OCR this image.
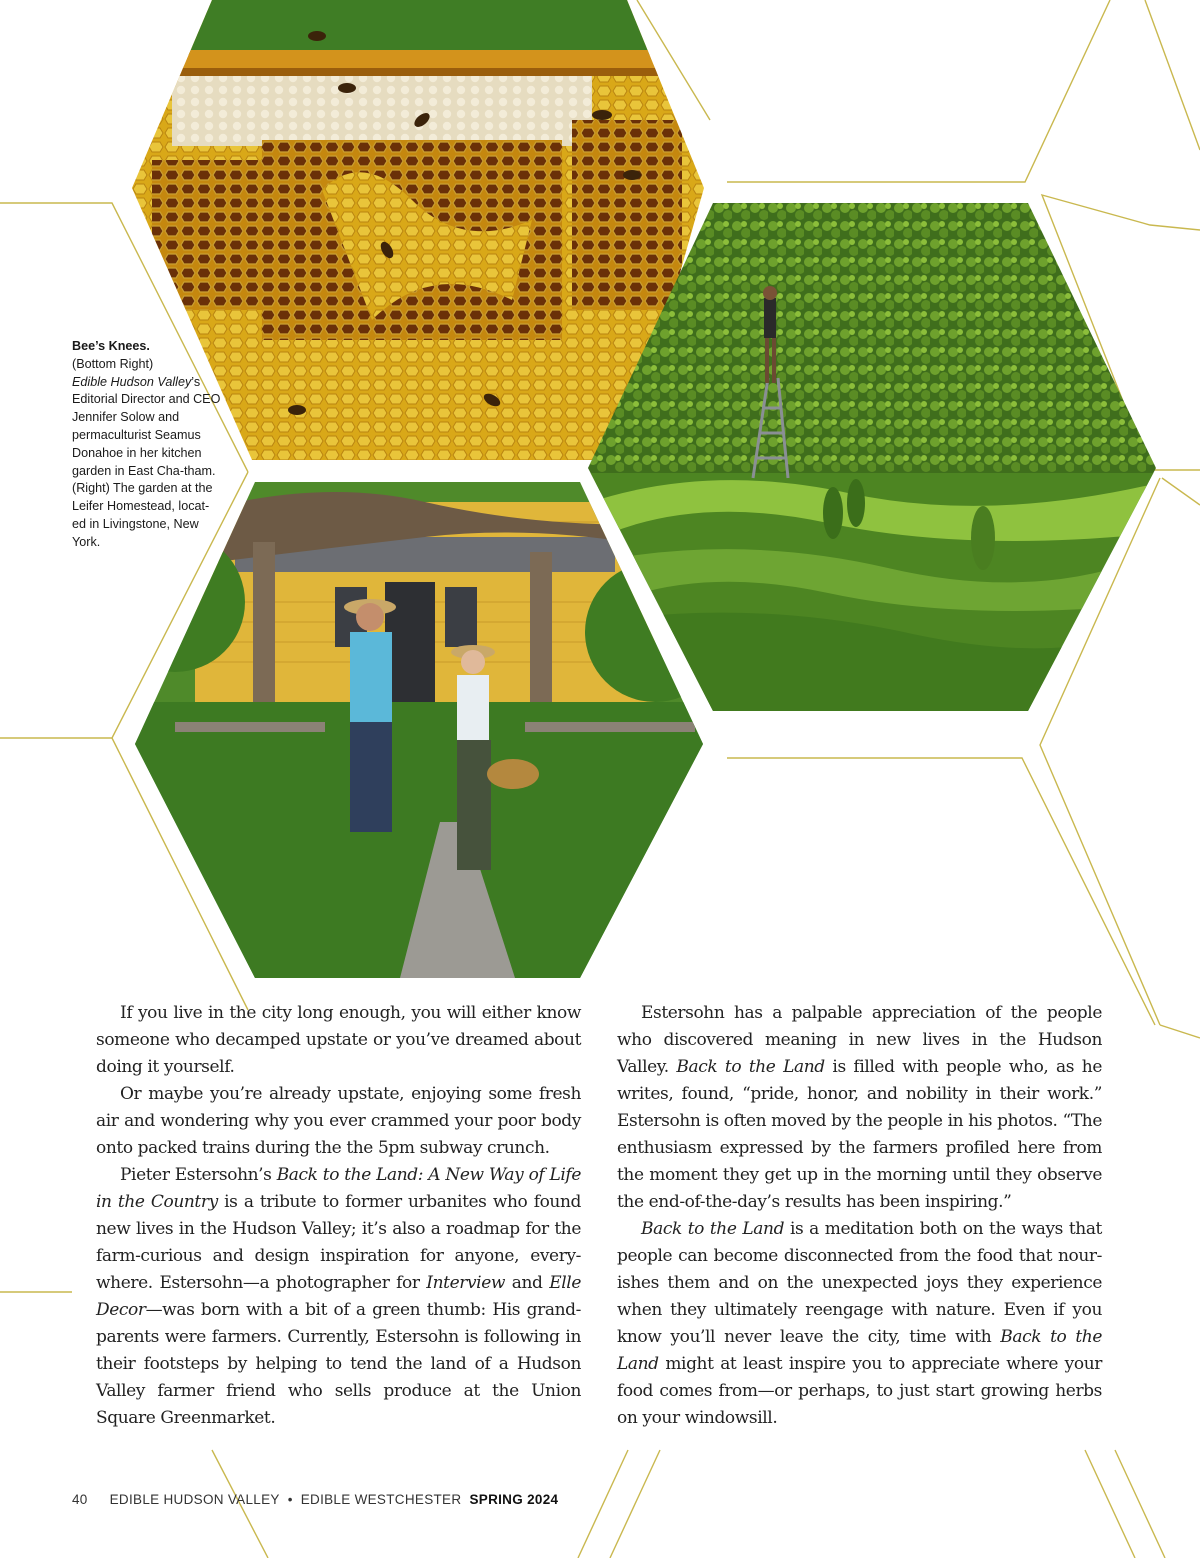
Bee’s Knees.
(Bottom Right)
Edible Hudson Valley’s Editorial Director and CEO Jennifer Solow and permaculturist Seamus Donahoe in her kitchen garden in East Cha-tham. (Right) The garden at the Leifer Homestead, locat-ed in Livingstone, New York.

If you live in the city long enough, you will either know someone who decamped upstate or you’ve dreamed about doing it yourself.

Or maybe you’re already upstate, enjoying some fresh air and wondering why you ever crammed your poor body onto packed trains during the the 5pm subway crunch.

Pieter Estersohn’s Back to the Land: A New Way of Life in the Country is a tribute to former urbanites who found new lives in the Hudson Valley; it’s also a roadmap for the farm-curious and design inspiration for anyone, every-where. Estersohn—a photographer for Interview and Elle Decor—was born with a bit of a green thumb: His grand-parents were farmers. Currently, Estersohn is following in their footsteps by helping to tend the land of a Hudson Valley farmer friend who sells produce at the Union Square Greenmarket.

Estersohn has a palpable appreciation of the people who discovered meaning in new lives in the Hudson Valley. Back to the Land is filled with people who, as he writes, found, “pride, honor, and nobility in their work.” Estersohn is often moved by the people in his photos. “The enthusiasm expressed by the farmers profiled here from the moment they get up in the morning until they observe the end-of-the-day’s results has been inspiring.”

Back to the Land is a meditation both on the ways that people can become disconnected from the food that nour-ishes them and on the unexpected joys they experience when they ultimately reengage with nature. Even if you know you’ll never leave the city, time with Back to the Land might at least inspire you to appreciate where your food comes from—or perhaps, to just start growing herbs on your windowsill.

40 EDIBLE HUDSON VALLEY • EDIBLE WESTCHESTER SPRING 2024
